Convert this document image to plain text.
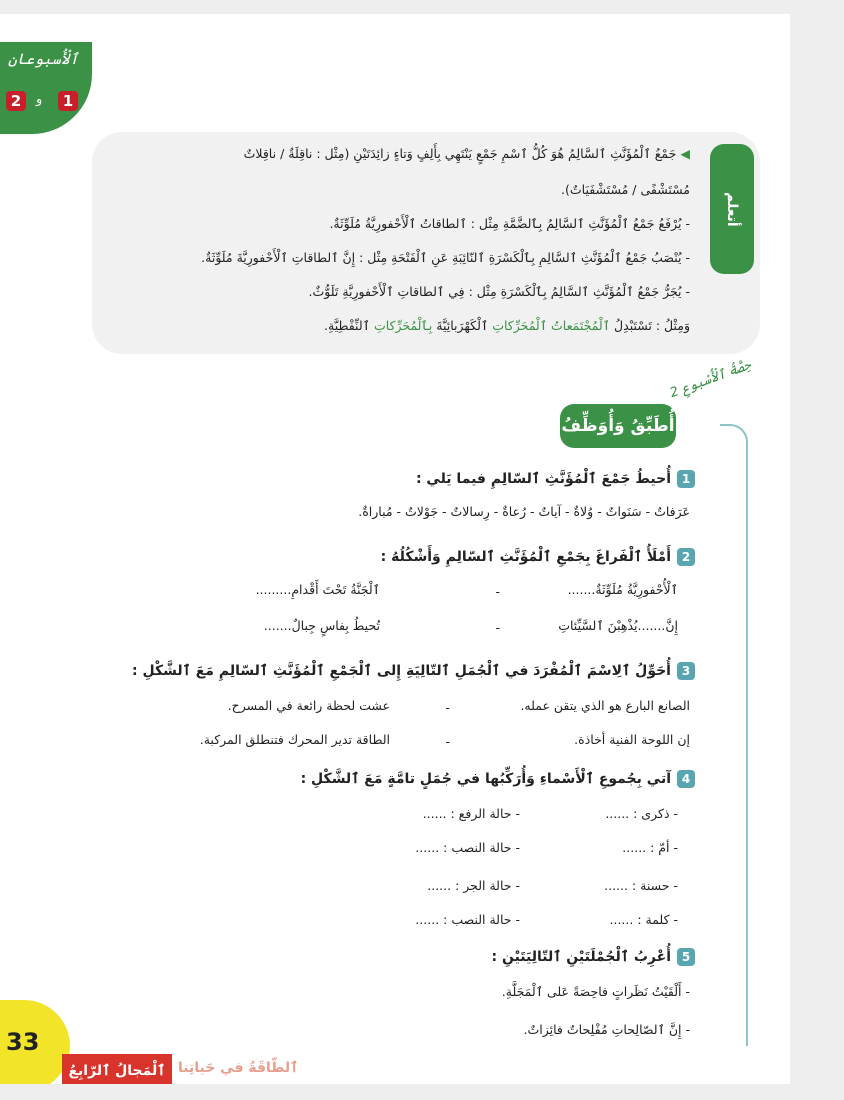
ٱلْأُسبوعان
2	و	1
أتعلم
◀ جَمْعُ ٱلْمُؤَنَّثِ ٱلسَّالِمُ هُوَ كُلُّ ٱسْمِ جَمْعٍ يَنْتَهِي بِأَلِفٍ وَتاءٍ زائِدَتَيْنِ (مِثْل : ناقِلَةٌ / ناقِلاتٌ
مُسْتَشْفًى / مُسْتَشْفَيَاتٌ).
- يُرْفَعُ جَمْعُ ٱلْمُؤَنَّثِ ٱلسَّالِمُ بِٱلضَّمَّةِ مِثْل : ٱلطاقاتُ ٱلْأَحْفورِيَّةُ مُلَوِّثَةٌ.
- يُنْصَبُ جَمْعُ ٱلْمُؤَنَّثِ ٱلسَّالِمِ بِٱلْكَسْرَةِ ٱلنّائِبَةِ عَنِ ٱلْفَتْحَةِ مِثْل : إِنَّ ٱلطاقاتِ ٱلْأَحْفورِيَّةَ مُلَوِّثَةٌ.
- يُجَرُّ جَمْعُ ٱلْمُؤَنَّثِ ٱلسَّالِمُ بِٱلْكَسْرَةِ مِثْل : فِي ٱلطاقاتِ ٱلْأَحْفورِيَّةِ تَلَوُّثٌ.
وَمِثْلُ : تَسْتَبْدِلُ ٱلْمُجْتَمَعاتُ ٱلْمُحَرِّكاتِ ٱلْكَهْرَبائِيَّةَ بِٱلْمُحَرِّكاتِ ٱلنِّفْطِيَّةِ.
حِصَّةُ ٱلْأُسْبوعِ 2
أُطَبِّقُ وَأُوَظِّفُ
1
أُحيطُ جَمْعَ ٱلْمُؤَنَّثِ ٱلسّالِمِ فيما يَلي :
عَرَفاتٌ - سَنَواتٌ - وُلاةٌ - آياتٌ - رُعاةٌ - رِسالاتٌ - جَوْلاتٌ - مُباراةٌ.
2
أَمْلَأُ ٱلْفَراغَ بِجَمْعِ ٱلْمُؤَنَّثِ ٱلسّالِمِ وَأَشْكُلُهُ :
ٱلْأُحْفورِيَّةُ مُلَوِّثَةٌ.......
-
ٱلْجَنَّةُ تَحْتَ أَقْدامِ.........
إِنَّ.......يُذْهِبْنَ ٱلسَّيِّئاتِ
-
تُحيطُ بِفاسٍ جِبالٌ.......
3
أُحَوِّلُ ٱلِاسْمَ ٱلْمُفْرَدَ في ٱلْجُمَلِ ٱلتّالِيَةِ إِلى ٱلْجَمْعِ ٱلْمُؤَنَّثِ ٱلسّالِمِ مَعَ ٱلشَّكْلِ :
الصانع البارع هو الذي يتقن عمله.
-
عشت لحظة رائعة في المسرح.
إن اللوحة الفنية أخاذة.
-
الطاقة تدير المحرك فتنطلق المركبة.
4
آتي بِجُموعِ ٱلْأَسْماءِ وَأُرَكِّبُها في جُمَلٍ تامَّةٍ مَعَ ٱلشَّكْلِ :
- ذكرى : ......
- حالة الرفع : ......
- أمّ : ......
- حالة النصب : ......
- حسنة : ......
- حالة الجر : ......
- كلمة : ......
- حالة النصب : ......
5
أُعْرِبُ ٱلْجُمْلَتَيْنِ ٱلتّالِيَتَيْنِ :
- أَلْقَيْتُ نَظَراتٍ فاحِصَةً عَلى ٱلْمَجَلَّةِ.
- إِنَّ ٱلصّالِحاتِ مُفْلِحاتٌ فائِزاتٌ.
33
ٱلْمَجالُ ٱلرّابِعُ ٱلطّاقَةُ في حَياتِنا
